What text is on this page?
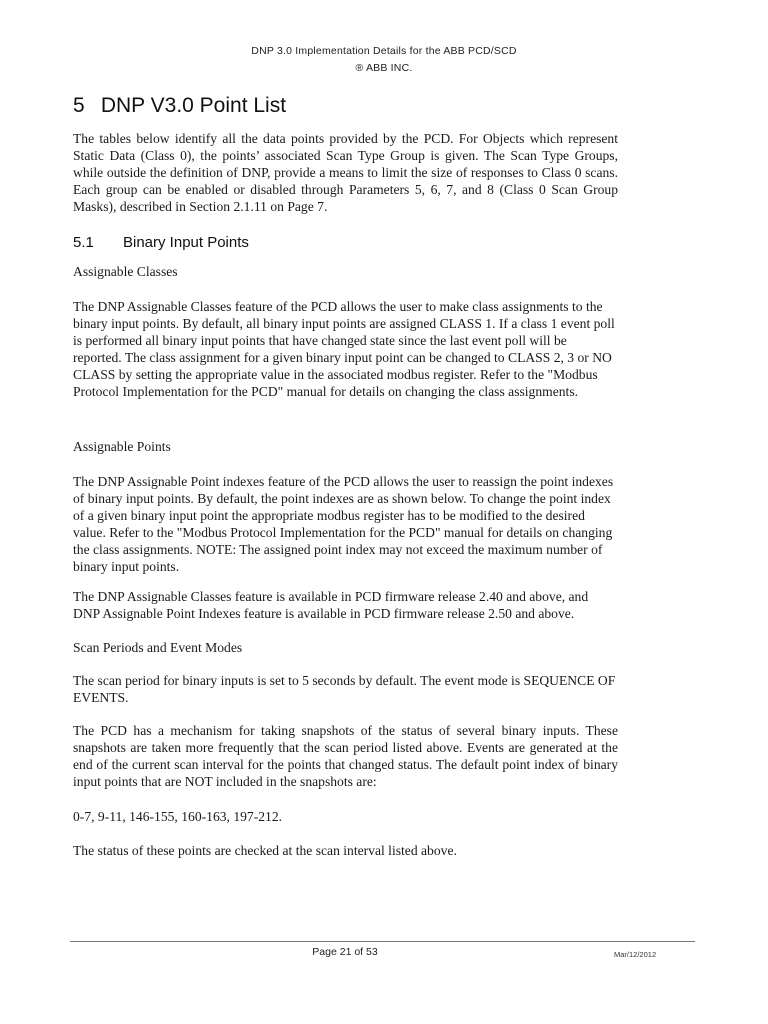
DNP 3.0 Implementation Details for the ABB PCD/SCD
® ABB INC.
5 DNP V3.0 Point List

The tables below identify all the data points provided by the PCD. For Objects which represent Static Data (Class 0), the points’ associated Scan Type Group is given. The Scan Type Groups, while outside the definition of DNP, provide a means to limit the size of responses to Class 0 scans. Each group can be enabled or disabled through Parameters 5, 6, 7, and 8 (Class 0 Scan Group Masks), described in Section 2.1.11 on Page 7.

5.1 Binary Input Points

Assignable Classes

The DNP Assignable Classes feature of the PCD allows the user to make class assignments to the binary input points. By default, all binary input points are assigned CLASS 1. If a class 1 event poll is performed all binary input points that have changed state since the last event poll will be reported. The class assignment for a given binary input point can be changed to CLASS 2, 3 or NO CLASS by setting the appropriate value in the associated modbus register. Refer to the "Modbus Protocol Implementation for the PCD" manual for details on changing the class assignments.

Assignable Points

The DNP Assignable Point indexes feature of the PCD allows the user to reassign the point indexes of binary input points. By default, the point indexes are as shown below. To change the point index of a given binary input point the appropriate modbus register has to be modified to the desired value. Refer to the "Modbus Protocol Implementation for the PCD" manual for details on changing the class assignments. NOTE: The assigned point index may not exceed the maximum number of binary input points.

The DNP Assignable Classes feature is available in PCD firmware release 2.40 and above, and DNP Assignable Point Indexes feature is available in PCD firmware release 2.50 and above.

Scan Periods and Event Modes

The scan period for binary inputs is set to 5 seconds by default. The event mode is SEQUENCE OF EVENTS.

The PCD has a mechanism for taking snapshots of the status of several binary inputs. These snapshots are taken more frequently that the scan period listed above. Events are generated at the end of the current scan interval for the points that changed status. The default point index of binary input points that are NOT included in the snapshots are:

0-7, 9-11, 146-155, 160-163, 197-212.

The status of these points are checked at the scan interval listed above.

Page 21 of 53	Mar/12/2012
